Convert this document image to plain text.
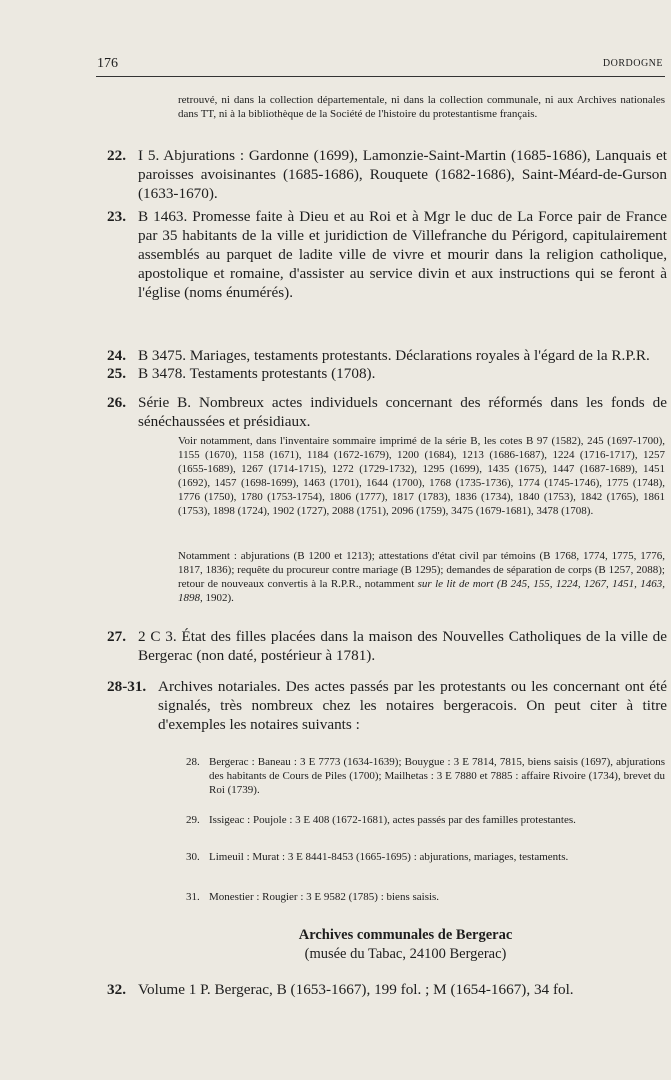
176	DORDOGNE
retrouvé, ni dans la collection départementale, ni dans la collection communale, ni aux Archives nationales dans TT, ni à la bibliothèque de la Société de l'histoire du protestantisme français.
22. I 5. Abjurations : Gardonne (1699), Lamonzie-Saint-Martin (1685-1686), Lanquais et paroisses avoisinantes (1685-1686), Rouquete (1682-1686), Saint-Méard-de-Gurson (1633-1670).
23. B 1463. Promesse faite à Dieu et au Roi et à Mgr le duc de La Force pair de France par 35 habitants de la ville et juridiction de Villefranche du Périgord, capitulairement assemblés au parquet de ladite ville de vivre et mourir dans la religion catholique, apostolique et romaine, d'assister au service divin et aux instructions qui se feront à l'église (noms énumérés).
24. B 3475. Mariages, testaments protestants. Déclarations royales à l'égard de la R.P.R.
25. B 3478. Testaments protestants (1708).
26. Série B. Nombreux actes individuels concernant des réformés dans les fonds de sénéchaussées et présidiaux.
Voir notamment, dans l'inventaire sommaire imprimé de la série B, les cotes B 97 (1582), 245 (1697-1700), 1155 (1670), 1158 (1671), 1184 (1672-1679), 1200 (1684), 1213 (1686-1687), 1224 (1716-1717), 1257 (1655-1689), 1267 (1714-1715), 1272 (1729-1732), 1295 (1699), 1435 (1675), 1447 (1687-1689), 1451 (1692), 1457 (1698-1699), 1463 (1701), 1644 (1700), 1768 (1735-1736), 1774 (1745-1746), 1775 (1748), 1776 (1750), 1780 (1753-1754), 1806 (1777), 1817 (1783), 1836 (1734), 1840 (1753), 1842 (1765), 1861 (1753), 1898 (1724), 1902 (1727), 2088 (1751), 2096 (1759), 3475 (1679-1681), 3478 (1708).
Notamment : abjurations (B 1200 et 1213); attestations d'état civil par témoins (B 1768, 1774, 1775, 1776, 1817, 1836); requête du procureur contre mariage (B 1295); demandes de séparation de corps (B 1257, 2088); retour de nouveaux convertis à la R.P.R., notamment sur le lit de mort (B 245, 155, 1224, 1267, 1451, 1463, 1898, 1902).
27. 2 C 3. État des filles placées dans la maison des Nouvelles Catholiques de la ville de Bergerac (non daté, postérieur à 1781).
28-31. Archives notariales. Des actes passés par les protestants ou les concernant ont été signalés, très nombreux chez les notaires bergeracois. On peut citer à titre d'exemples les notaires suivants :
28. Bergerac : Baneau : 3 E 7773 (1634-1639); Bouygue : 3 E 7814, 7815, biens saisis (1697), abjurations des habitants de Cours de Piles (1700); Mailhetas : 3 E 7880 et 7885 : affaire Rivoire (1734), brevet du Roi (1739).
29. Issigeac : Poujole : 3 E 408 (1672-1681), actes passés par des familles protestantes.
30. Limeuil : Murat : 3 E 8441-8453 (1665-1695) : abjurations, mariages, testaments.
31. Monestier : Rougier : 3 E 9582 (1785) : biens saisis.
Archives communales de Bergerac
(musée du Tabac, 24100 Bergerac)
32. Volume 1 P. Bergerac, B (1653-1667), 199 fol. ; M (1654-1667), 34 fol.
